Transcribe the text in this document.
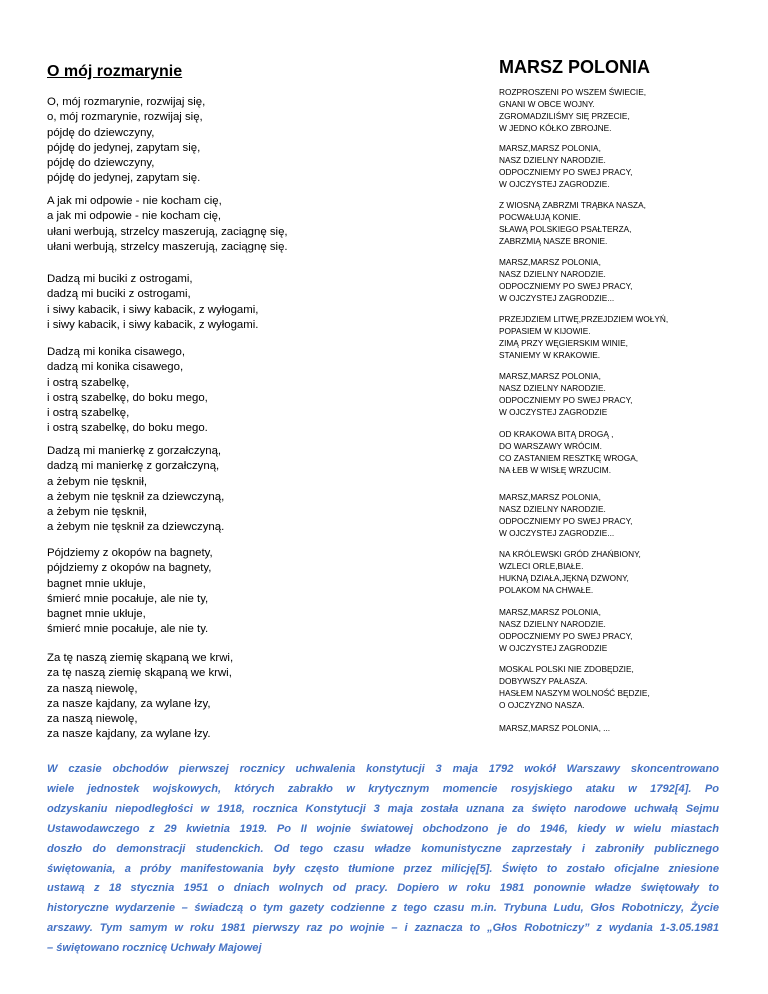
O mój rozmarynie
O, mój rozmarynie, rozwijaj się,
o, mój rozmarynie, rozwijaj się,
pójdę do dziewczyny,
pójdę do jedynej, zapytam się,
pójdę do dziewczyny,
pójdę do jedynej, zapytam się.
A jak mi odpowie - nie kocham cię,
a jak mi odpowie - nie kocham cię,
ułani werbują, strzelcy maszerują, zaciągnę się,
ułani werbują, strzelcy maszerują, zaciągnę się.
Dadzą mi buciki z ostrogami,
dadzą mi buciki z ostrogami,
i siwy kabacik, i siwy kabacik, z wyłogami,
i siwy kabacik, i siwy kabacik, z wyłogami.
Dadzą mi konika cisawego,
dadzą mi konika cisawego,
i ostrą szabelkę,
i ostrą szabelkę, do boku mego,
i ostrą szabelkę,
i ostrą szabelkę, do boku mego.
Dadzą mi manierkę z gorzałczyną,
dadzą mi manierkę z gorzałczyną,
a żebym nie tęsknił,
a żebym nie tęsknił za dziewczyną,
a żebym nie tęsknił,
a żebym nie tęsknił za dziewczyną.
Pójdziemy z okopów na bagnety,
pójdziemy z okopów na bagnety,
bagnet mnie ukłuje,
śmierć mnie pocałuje, ale nie ty,
bagnet mnie ukłuje,
śmierć mnie pocałuje, ale nie ty.
Za tę naszą ziemię skąpaną we krwi,
za tę naszą ziemię skąpaną we krwi,
za naszą niewolę,
za nasze kajdany, za wylane łzy,
za naszą niewolę,
za nasze kajdany, za wylane łzy.
MARSZ POLONIA
ROZPROSZENI PO WSZEM ŚWIECIE,
GNANI W OBCE WOJNY.
ZGROMADZILIŚMY SIĘ PRZECIE,
W JEDNO KÓŁKO ZBROJNE.
MARSZ,MARSZ POLONIA,
NASZ DZIELNY NARODZIE.
ODPOCZNIEMY PO SWEJ PRACY,
W OJCZYSTEJ ZAGRODZIE.
Z WIOSNĄ ZABRZMI TRĄBKA NASZA,
POCWAŁUJĄ KONIE.
SŁAWĄ POLSKIEGO PSAŁTERZA,
ZABRZMIĄ NASZE BRONIE.
MARSZ,MARSZ POLONIA,
NASZ DZIELNY NARODZIE.
ODPOCZNIEMY PO SWEJ PRACY,
W OJCZYSTEJ ZAGRODZIE...
PRZEJDZIEM LITWĘ,PRZEJDZIEM WOŁYŃ,
POPASIEM W KIJOWIE.
ZIMĄ PRZY WĘGIERSKIM WINIE,
STANIEMY W KRAKOWIE.
MARSZ,MARSZ POLONIA,
NASZ DZIELNY NARODZIE.
ODPOCZNIEMY PO SWEJ PRACY,
W OJCZYSTEJ ZAGRODZIE
OD KRAKOWA BITĄ DROGĄ ,
DO WARSZAWY WRÓCIM.
CO ZASTANIEM RESZTKĘ WROGA,
NA ŁEB W WISŁĘ WRZUCIM.
MARSZ,MARSZ POLONIA,
NASZ DZIELNY NARODZIE.
ODPOCZNIEMY PO SWEJ PRACY,
W OJCZYSTEJ ZAGRODZIE...
NA KRÓLEWSKI GRÓD ZHAŃBIONY,
WZLECI ORLE,BIAŁE.
HUKNĄ DZIAŁA,JĘKNĄ DZWONY,
POLAKOM NA CHWAŁE.
MARSZ,MARSZ POLONIA,
NASZ DZIELNY NARODZIE.
ODPOCZNIEMY PO SWEJ PRACY,
W OJCZYSTEJ ZAGRODZIE
MOSKAL POLSKI NIE ZDOBĘDZIE,
DOBYWSZY PAŁASZA.
HASŁEM NASZYM WOLNOŚĆ BĘDZIE,
O OJCZYZNO NASZA.
MARSZ,MARSZ POLONIA, ...
W czasie obchodów pierwszej rocznicy uchwalenia konstytucji 3 maja 1792 wokół Warszawy skoncentrowano
wiele jednostek wojskowych, których zabrakło w krytycznym momencie rosyjskiego ataku w 1792[4]. Po
odzyskaniu niepodległości w 1918, rocznica Konstytucji 3 maja została uznana za święto narodowe uchwałą Sejmu
Ustawodawczego z 29 kwietnia 1919. Po II wojnie światowej obchodzono je do 1946, kiedy w wielu miastach
doszło do demonstracji studenckich. Od tego czasu władze komunistyczne zaprzestały i zabroniły publicznego
świętowania, a próby manifestowania były często tłumione przez milicję[5]. Święto to zostało oficjalne zniesione
ustawą z 18 stycznia 1951 o dniach wolnych od pracy. Dopiero w roku 1981 ponownie władze świętowały to
historyczne wydarzenie – świadczą o tym gazety codzienne z tego czasu m.in. Trybuna Ludu, Głos Robotniczy, Życie
arszawy. Tym samym w roku 1981 pierwszy raz po wojnie – i zaznacza to „Głos Robotniczy” z wydania 1-3.05.1981
– świętowano rocznicę Uchwały Majowej
